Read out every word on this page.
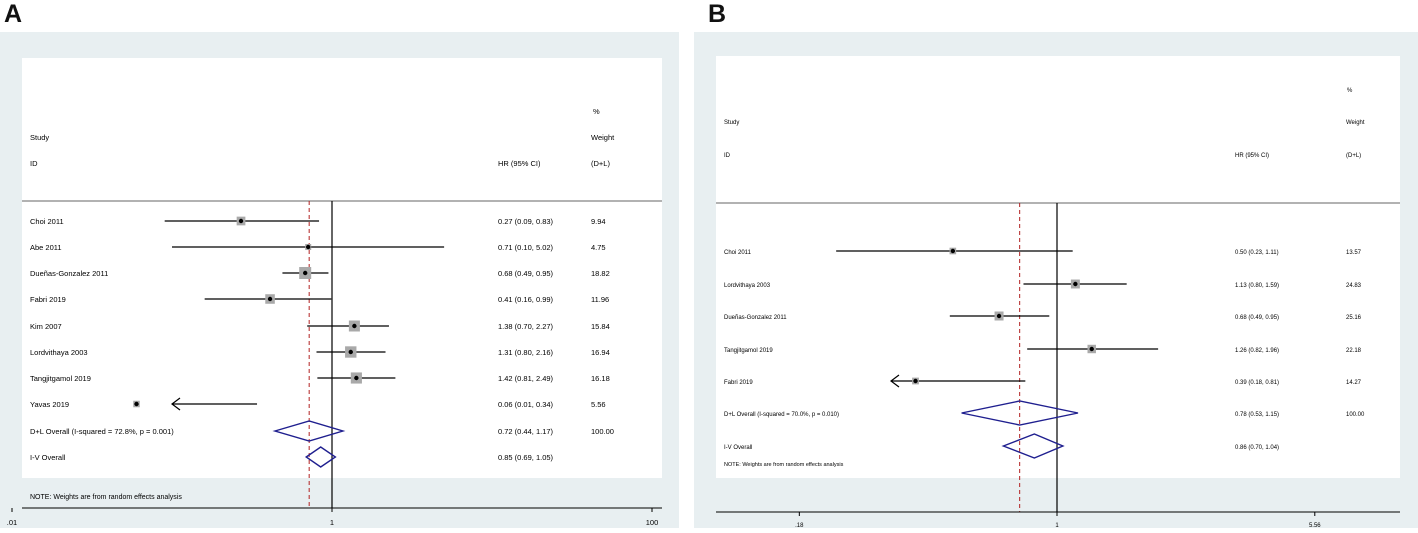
A
%
Study	Weight
ID	HR (95% CI)	(D+L)
NOTE: Weights are from random effects analysis
.01	1	100
Choi 2011	0.27 (0.09, 0.83)	9.94
Abe 2011	0.71 (0.10, 5.02)	4.75
Dueñas-Gonzalez 2011	0.68 (0.49, 0.95)	18.82
Fabri 2019	0.41 (0.16, 0.99)	11.96
Kim 2007	1.38 (0.70, 2.27)	15.84
Lordvithaya 2003	1.31 (0.80, 2.16)	16.94
Tangjitgamol 2019	1.42 (0.81, 2.49)	16.18
Yavas 2019	0.06 (0.01, 0.34)	5.56
D+L Overall (I-squared = 72.8%, p = 0.001)	0.72 (0.44, 1.17)	100.00
I-V Overall	0.85 (0.69, 1.05)
B
%
Study	Weight
ID	HR (95% CI)	(D+L)
NOTE: Weights are from random effects analysis
.18	1	5.56
Choi 2011	0.50 (0.23, 1.11)	13.57
Lordvithaya 2003	1.13 (0.80, 1.59)	24.83
Dueñas-Gonzalez 2011	0.68 (0.49, 0.95)	25.16
Tangjitgamol 2019	1.26 (0.82, 1.96)	22.18
Fabri 2019	0.39 (0.18, 0.81)	14.27
D+L Overall (I-squared = 70.0%, p = 0.010)	0.78 (0.53, 1.15)	100.00
I-V Overall	0.86 (0.70, 1.04)
